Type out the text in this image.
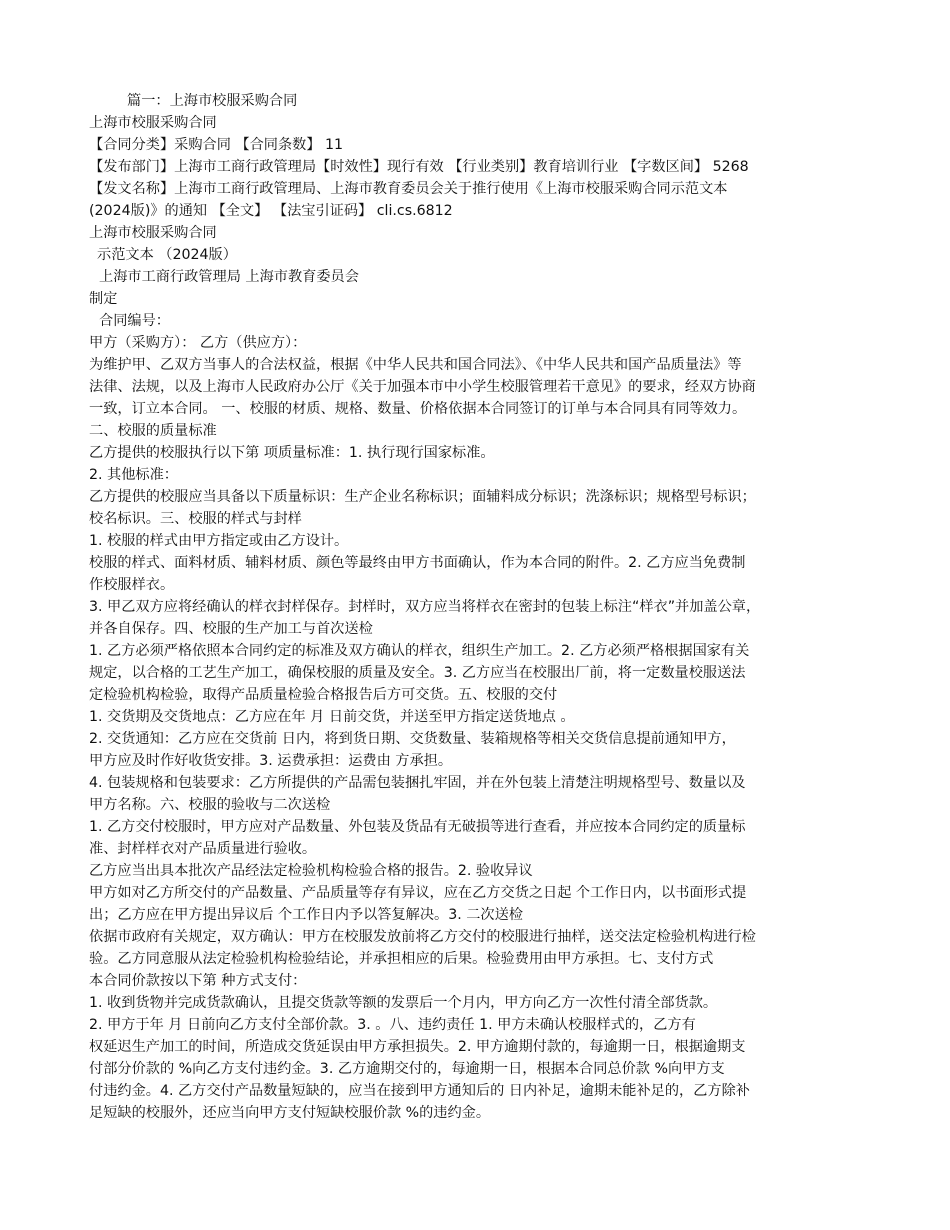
篇一：上海市校服采购合同
上海市校服采购合同
【合同分类】采购合同 【合同条数】 11
【发布部门】上海市工商行政管理局【时效性】现行有效 【行业类别】教育培训行业 【字数区间】 5268
【发文名称】上海市工商行政管理局、上海市教育委员会关于推行使用《上海市校服采购合同示范文本
(2024版)》的通知 【全文】 【法宝引证码】 cli.cs.6812
上海市校服采购合同
示范文本 （2024版）
上海市工商行政管理局 上海市教育委员会
制定
合同编号：
甲方（采购方）： 乙方（供应方）：
为维护甲、乙双方当事人的合法权益，根据《中华人民共和国合同法》、《中华人民共和国产品质量法》等
法律、法规，以及上海市人民政府办公厅《关于加强本市中小学生校服管理若干意见》的要求，经双方协商
一致，订立本合同。 一、校服的材质、规格、数量、价格依据本合同签订的订单与本合同具有同等效力。
二、校服的质量标准
乙方提供的校服执行以下第 项质量标准：1. 执行现行国家标准。
2. 其他标准：
乙方提供的校服应当具备以下质量标识：生产企业名称标识；面辅料成分标识；洗涤标识；规格型号标识；
校名标识。三、校服的样式与封样
1. 校服的样式由甲方指定或由乙方设计。
校服的样式、面料材质、辅料材质、颜色等最终由甲方书面确认，作为本合同的附件。2. 乙方应当免费制
作校服样衣。
3. 甲乙双方应将经确认的样衣封样保存。封样时，双方应当将样衣在密封的包装上标注“样衣”并加盖公章，
并各自保存。四、校服的生产加工与首次送检
1. 乙方必须严格依照本合同约定的标准及双方确认的样衣，组织生产加工。2. 乙方必须严格根据国家有关
规定，以合格的工艺生产加工，确保校服的质量及安全。3. 乙方应当在校服出厂前，将一定数量校服送法
定检验机构检验，取得产品质量检验合格报告后方可交货。五、校服的交付
1. 交货期及交货地点：乙方应在年 月 日前交货，并送至甲方指定送货地点 。
2. 交货通知：乙方应在交货前 日内，将到货日期、交货数量、装箱规格等相关交货信息提前通知甲方，
甲方应及时作好收货安排。3. 运费承担：运费由 方承担。
4. 包装规格和包装要求：乙方所提供的产品需包装捆扎牢固，并在外包装上清楚注明规格型号、数量以及
甲方名称。六、校服的验收与二次送检
1. 乙方交付校服时，甲方应对产品数量、外包装及货品有无破损等进行查看，并应按本合同约定的质量标
准、封样样衣对产品质量进行验收。
乙方应当出具本批次产品经法定检验机构检验合格的报告。2. 验收异议
甲方如对乙方所交付的产品数量、产品质量等存有异议，应在乙方交货之日起 个工作日内，以书面形式提
出；乙方应在甲方提出异议后 个工作日内予以答复解决。3. 二次送检
依据市政府有关规定，双方确认：甲方在校服发放前将乙方交付的校服进行抽样，送交法定检验机构进行检
验。乙方同意服从法定检验机构检验结论，并承担相应的后果。检验费用由甲方承担。七、支付方式
本合同价款按以下第 种方式支付：
1. 收到货物并完成货款确认，且提交货款等额的发票后一个月内，甲方向乙方一次性付清全部货款。
2. 甲方于年 月 日前向乙方支付全部价款。3. 。八、违约责任 1. 甲方未确认校服样式的，乙方有
权延迟生产加工的时间，所造成交货延误由甲方承担损失。2. 甲方逾期付款的，每逾期一日，根据逾期支
付部分价款的 %向乙方支付违约金。3. 乙方逾期交付的，每逾期一日，根据本合同总价款 %向甲方支
付违约金。4. 乙方交付产品数量短缺的，应当在接到甲方通知后的 日内补足，逾期未能补足的，乙方除补
足短缺的校服外，还应当向甲方支付短缺校服价款 %的违约金。
